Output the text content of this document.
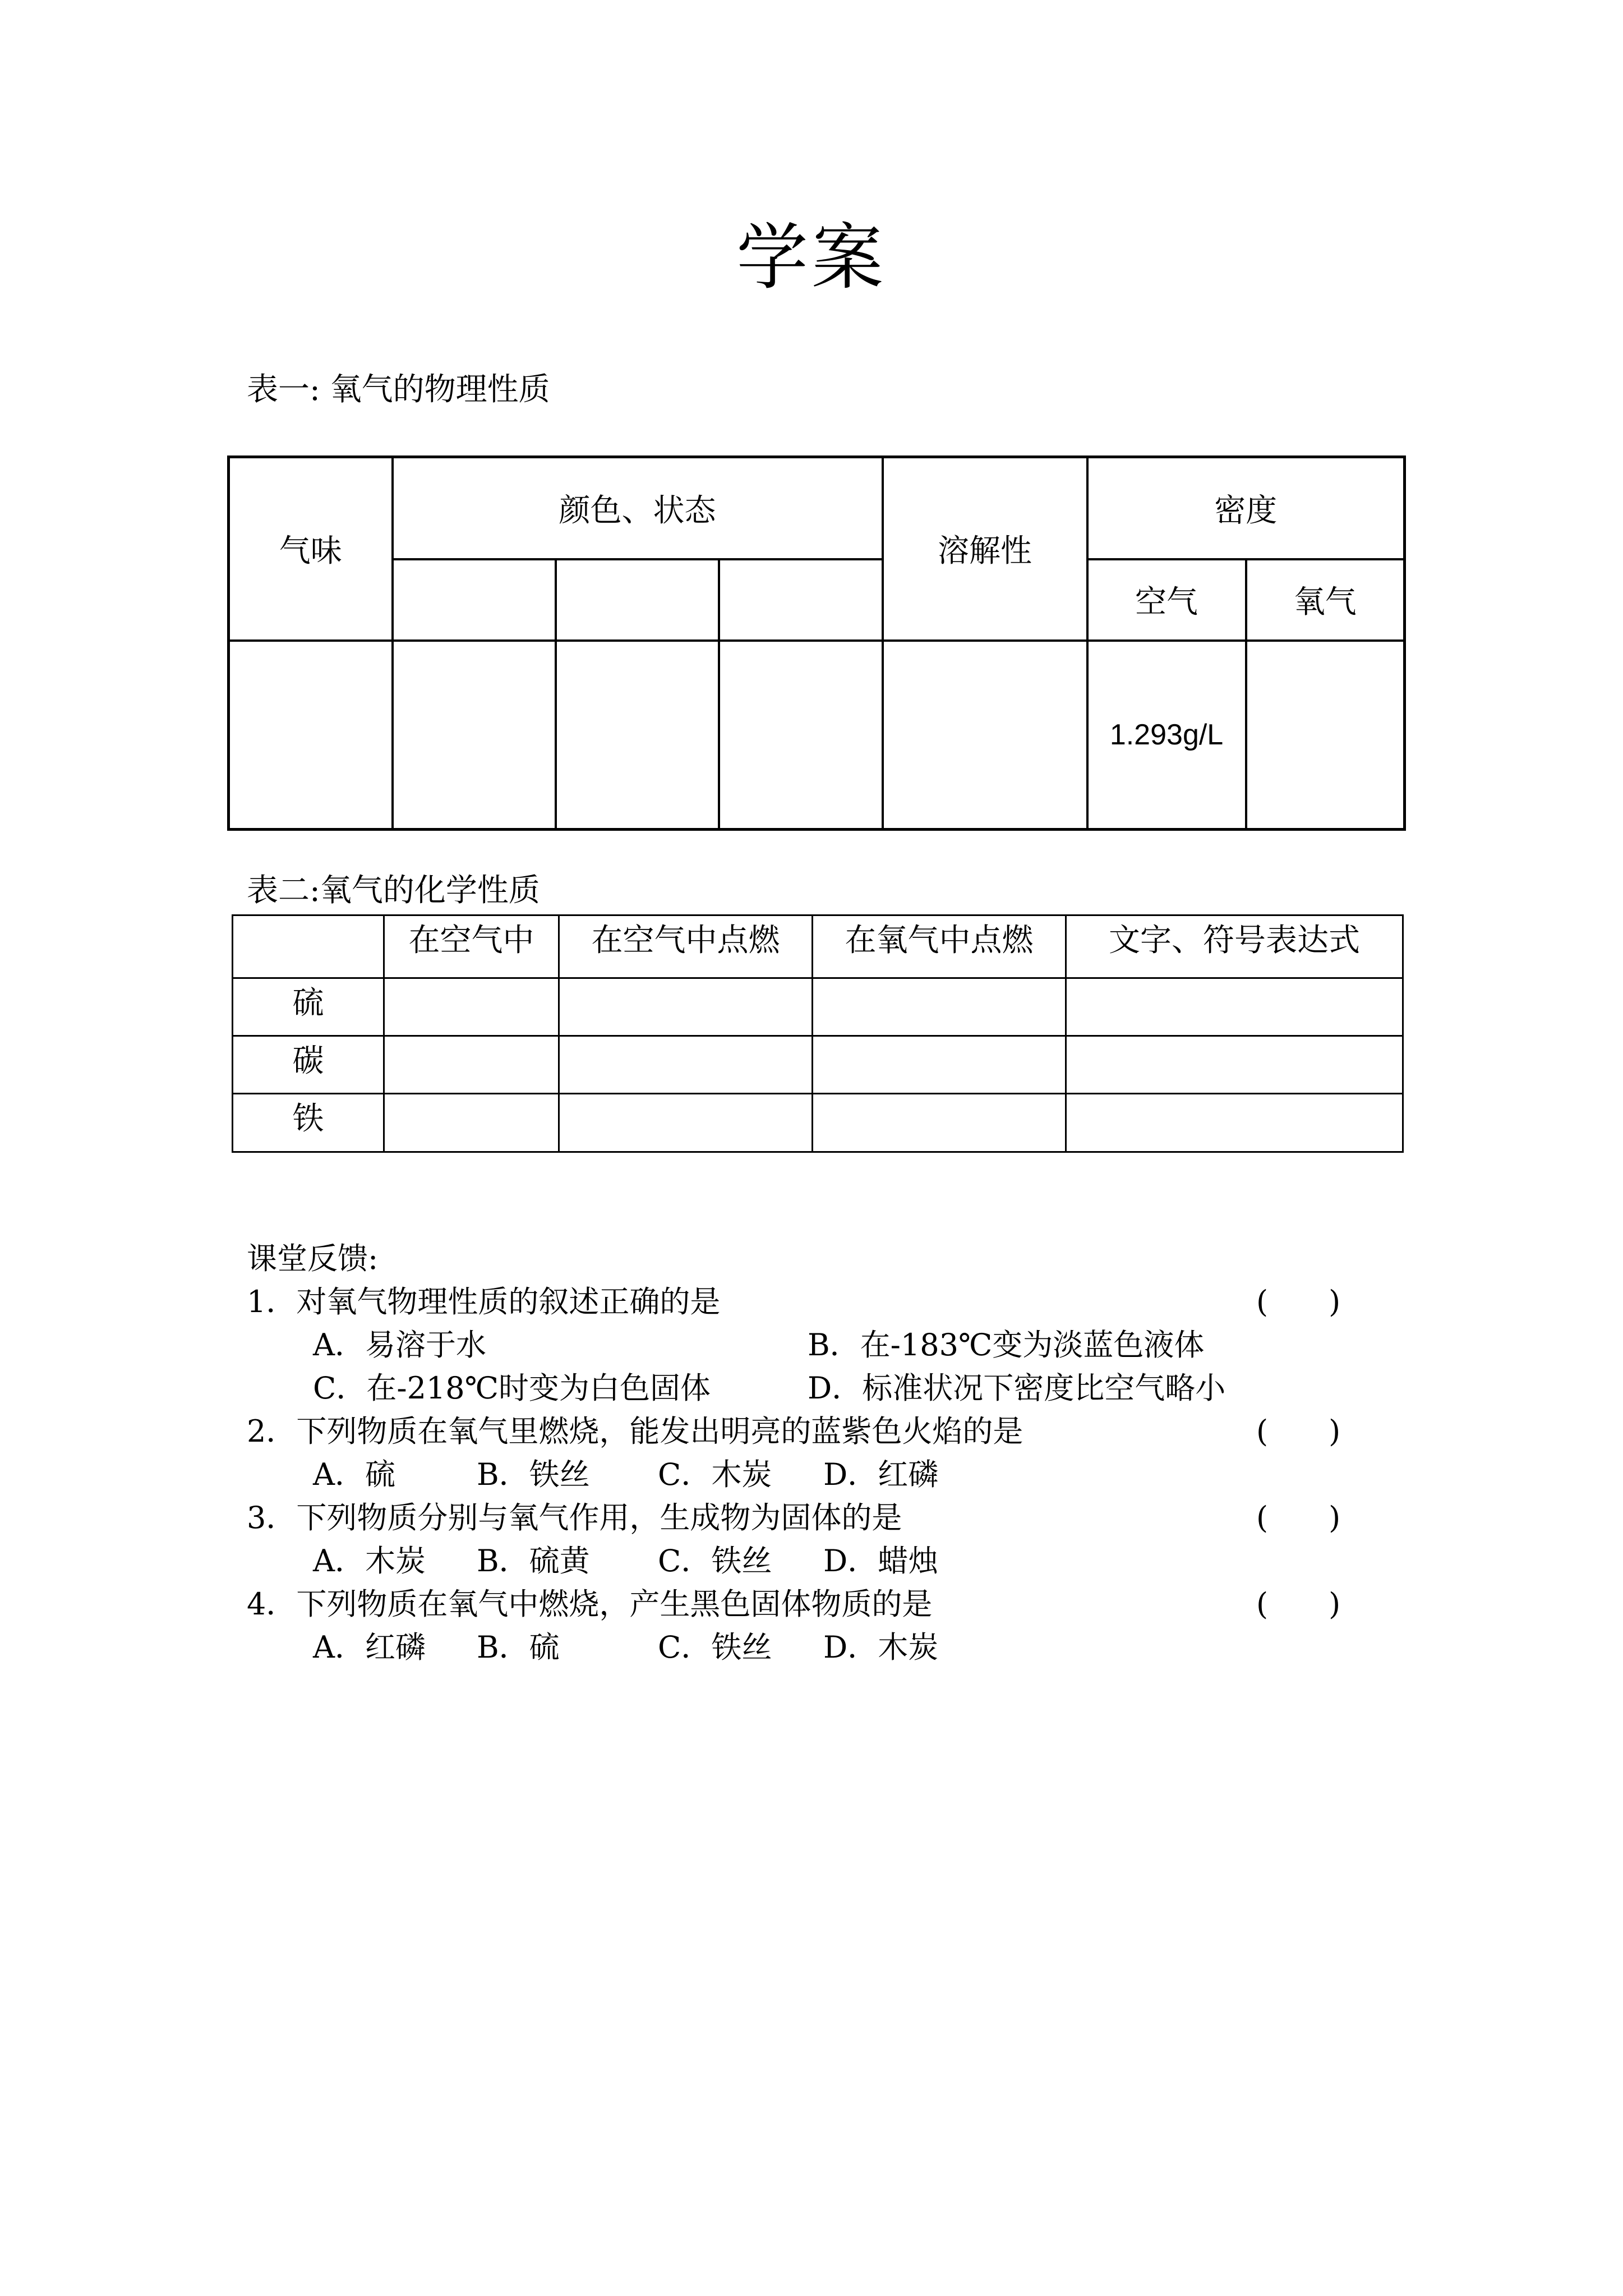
学案
表一: 氧气的物理性质
气味	颜色、状态			溶解性	密度	
					空气	氧气
					1.293g/L	
表二:氧气的化学性质
	在空气中	在空气中点燃	在氧气中点燃	文字、符号表达式
硫				
碳				
铁				
课堂反馈:
1．对氧气物理性质的叙述正确的是	(　　)
A．易溶于水	B．在-183℃变为淡蓝色液体
C．在-218℃时变为白色固体	D．标准状况下密度比空气略小
2．下列物质在氧气里燃烧，能发出明亮的蓝紫色火焰的是	(　　)
A．硫	B．铁丝 C．木炭 D．红磷
3．下列物质分别与氧气作用，生成物为固体的是	(　　)
A．木炭 B．硫黄 C．铁丝 D．蜡烛
4．下列物质在氧气中燃烧，产生黑色固体物质的是	(　　)
A．红磷 B．硫	C．铁丝 D．木炭
